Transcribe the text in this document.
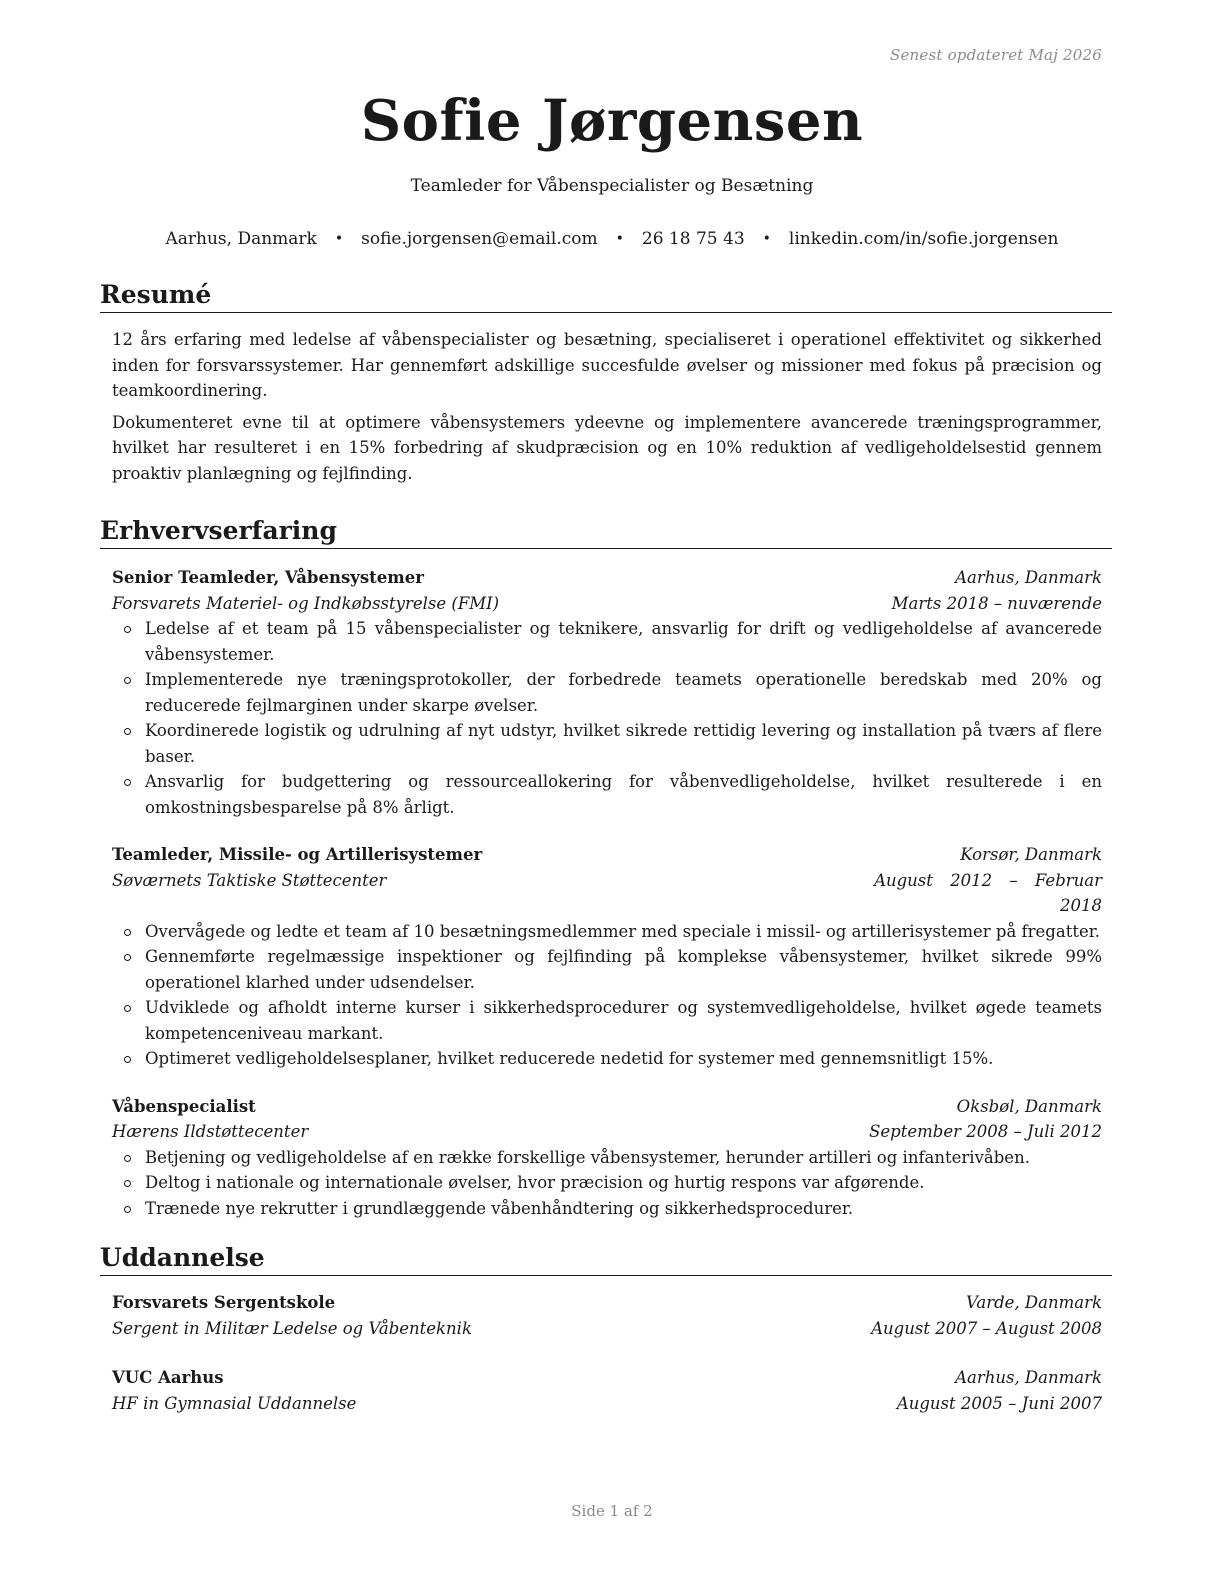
Senest opdateret Maj 2026
Sofie Jørgensen
Teamleder for Våbenspecialister og Besætning
Aarhus, Danmark • sofie.jorgensen@email.com • 26 18 75 43 • linkedin.com/in/sofie.jorgensen
Resumé

12 års erfaring med ledelse af våbenspecialister og besætning, specialiseret i operationel effektivitet og sikkerhed inden for forsvarssystemer. Har gennemført adskillige succesfulde øvelser og missioner med fokus på præcision og teamkoordinering.

Dokumenteret evne til at optimere våbensystemers ydeevne og implementere avancerede træningsprogrammer, hvilket har resulteret i en 15% forbedring af skudpræcision og en 10% reduktion af vedligeholdelsestid gennem proaktiv planlægning og fejlfinding.

Erhvervserfaring
Senior Teamleder, Våbensystemer	Aarhus, Danmark
Forsvarets Materiel- og Indkøbsstyrelse (FMI)	Marts 2018 – nuværende
Ledelse af et team på 15 våbenspecialister og teknikere, ansvarlig for drift og vedligeholdelse af avancerede våbensystemer.
Implementerede nye træningsprotokoller, der forbedrede teamets operationelle beredskab med 20% og reducerede fejlmarginen under skarpe øvelser.
Koordinerede logistik og udrulning af nyt udstyr, hvilket sikrede rettidig levering og installation på tværs af flere baser.
Ansvarlig for budgettering og ressourceallokering for våbenvedligeholdelse, hvilket resulterede i en omkostningsbesparelse på 8% årligt.
Teamleder, Missile- og Artillerisystemer	Korsør, Danmark
Søværnets Taktiske Støttecenter	August 2012 – Februar 2018
Overvågede og ledte et team af 10 besætningsmedlemmer med speciale i missil- og artillerisystemer på fregatter.
Gennemførte regelmæssige inspektioner og fejlfinding på komplekse våbensystemer, hvilket sikrede 99% operationel klarhed under udsendelser.
Udviklede og afholdt interne kurser i sikkerhedsprocedurer og systemvedligeholdelse, hvilket øgede teamets kompetenceniveau markant.
Optimeret vedligeholdelsesplaner, hvilket reducerede nedetid for systemer med gennemsnitligt 15%.
Våbenspecialist	Oksbøl, Danmark
Hærens Ildstøttecenter	September 2008 – Juli 2012
Betjening og vedligeholdelse af en række forskellige våbensystemer, herunder artilleri og infanterivåben.
Deltog i nationale og internationale øvelser, hvor præcision og hurtig respons var afgørende.
Trænede nye rekrutter i grundlæggende våbenhåndtering og sikkerhedsprocedurer.
Uddannelse
Forsvarets Sergentskole	Varde, Danmark
Sergent in Militær Ledelse og Våbenteknik	August 2007 – August 2008
VUC Aarhus	Aarhus, Danmark
HF in Gymnasial Uddannelse	August 2005 – Juni 2007
Side 1 af 2
